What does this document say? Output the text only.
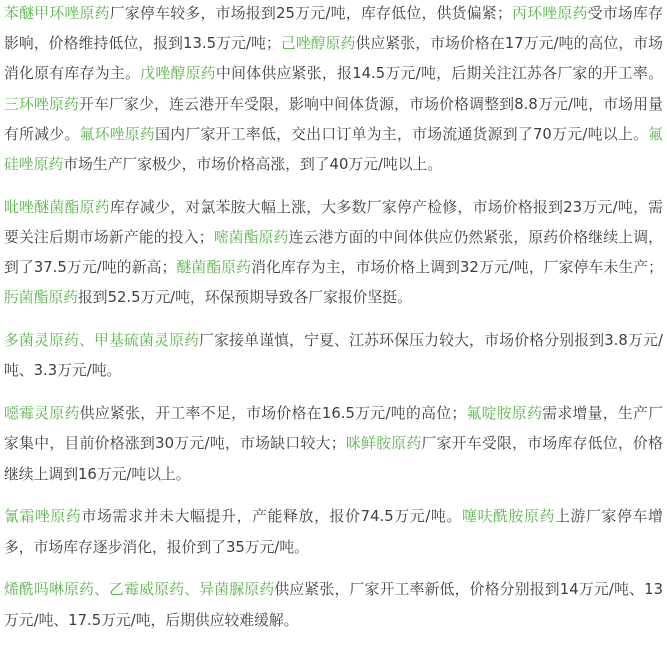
苯醚甲环唑原药厂家停车较多，市场报到25万元/吨，库存低位，供货偏紧；丙环唑原药受市场库存影响，价格维持低位，报到13.5万元/吨；己唑醇原药供应紧张，市场价格在17万元/吨的高位，市场消化原有库存为主。戊唑醇原药中间体供应紧张，报14.5万元/吨，后期关注江苏各厂家的开工率。三环唑原药开车厂家少，连云港开车受限，影响中间体货源，市场价格调整到8.8万元/吨，市场用量有所减少。氟环唑原药国内厂家开工率低，交出口订单为主，市场流通货源到了70万元/吨以上。氟硅唑原药市场生产厂家极少，市场价格高涨，到了40万元/吨以上。

吡唑醚菌酯原药库存减少，对氯苯胺大幅上涨，大多数厂家停产检修，市场价格报到23万元/吨，需要关注后期市场新产能的投入；嘧菌酯原药连云港方面的中间体供应仍然紧张，原药价格继续上调，到了37.5万元/吨的新高；醚菌酯原药消化库存为主，市场价格上调到32万元/吨，厂家停车未生产；肟菌酯原药报到52.5万元/吨，环保预期导致各厂家报价坚挺。

多菌灵原药、甲基硫菌灵原药厂家接单谨慎，宁夏、江苏环保压力较大，市场价格分别报到3.8万元/吨、3.3万元/吨。

噁霉灵原药供应紧张，开工率不足，市场价格在16.5万元/吨的高位；氟啶胺原药需求增量，生产厂家集中，目前价格涨到30万元/吨，市场缺口较大；咪鲜胺原药厂家开车受限，市场库存低位，价格继续上调到16万元/吨以上。

氰霜唑原药市场需求并未大幅提升，产能释放，报价74.5万元/吨。噻呋酰胺原药上游厂家停车增多，市场库存逐步消化，报价到了35万元/吨。

烯酰吗啉原药、乙霉威原药、异菌脲原药供应紧张，厂家开工率新低，价格分别报到14万元/吨、13万元/吨、17.5万元/吨，后期供应较难缓解。
